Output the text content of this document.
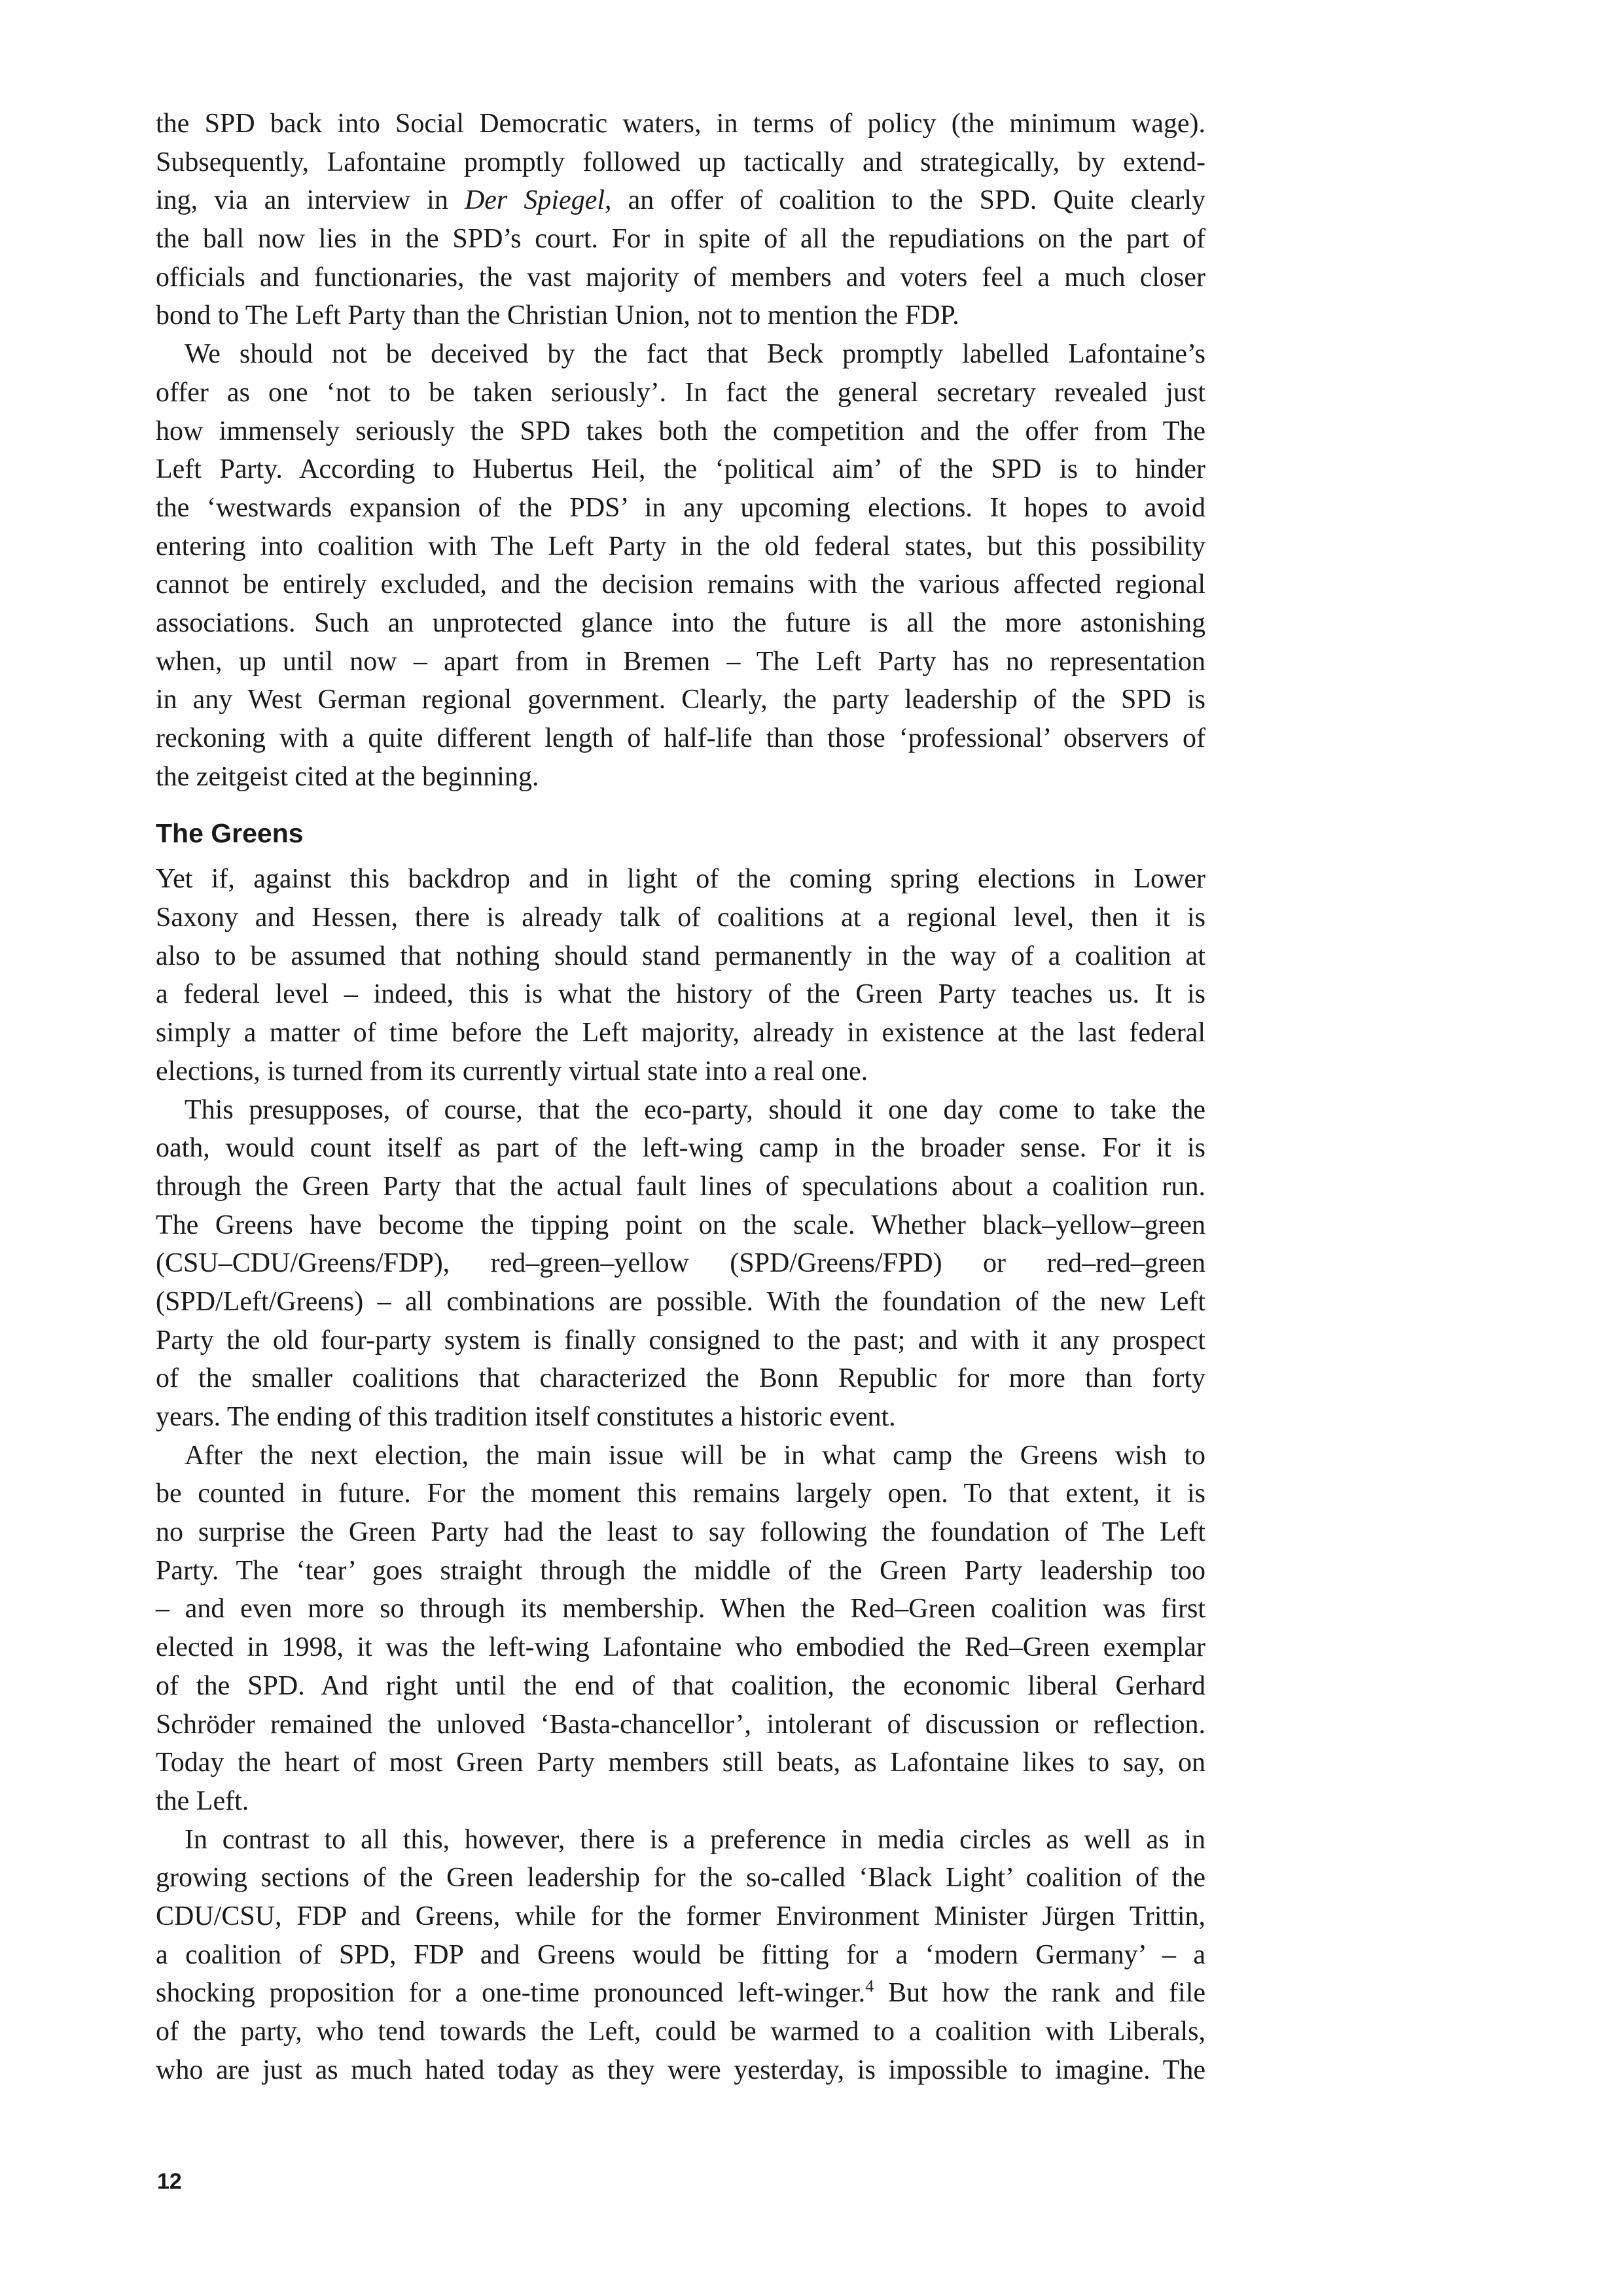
the SPD back into Social Democratic waters, in terms of policy (the minimum wage).
Subsequently, Lafontaine promptly followed up tactically and strategically, by extend-
ing, via an interview in Der Spiegel, an offer of coalition to the SPD. Quite clearly
the ball now lies in the SPD’s court. For in spite of all the repudiations on the part of
officials and functionaries, the vast majority of members and voters feel a much closer
bond to The Left Party than the Christian Union, not to mention the FDP.
We should not be deceived by the fact that Beck promptly labelled Lafontaine’s
offer as one ‘not to be taken seriously’. In fact the general secretary revealed just
how immensely seriously the SPD takes both the competition and the offer from The
Left Party. According to Hubertus Heil, the ‘political aim’ of the SPD is to hinder
the ‘westwards expansion of the PDS’ in any upcoming elections. It hopes to avoid
entering into coalition with The Left Party in the old federal states, but this possibility
cannot be entirely excluded, and the decision remains with the various affected regional
associations. Such an unprotected glance into the future is all the more astonishing
when, up until now – apart from in Bremen – The Left Party has no representation
in any West German regional government. Clearly, the party leadership of the SPD is
reckoning with a quite different length of half-life than those ‘professional’ observers of
the zeitgeist cited at the beginning.
The Greens
Yet if, against this backdrop and in light of the coming spring elections in Lower
Saxony and Hessen, there is already talk of coalitions at a regional level, then it is
also to be assumed that nothing should stand permanently in the way of a coalition at
a federal level – indeed, this is what the history of the Green Party teaches us. It is
simply a matter of time before the Left majority, already in existence at the last federal
elections, is turned from its currently virtual state into a real one.
This presupposes, of course, that the eco-party, should it one day come to take the
oath, would count itself as part of the left-wing camp in the broader sense. For it is
through the Green Party that the actual fault lines of speculations about a coalition run.
The Greens have become the tipping point on the scale. Whether black–yellow–green
(CSU–CDU/Greens/FDP), red–green–yellow (SPD/Greens/FPD) or red–red–green
(SPD/Left/Greens) – all combinations are possible. With the foundation of the new Left
Party the old four-party system is finally consigned to the past; and with it any prospect
of the smaller coalitions that characterized the Bonn Republic for more than forty
years. The ending of this tradition itself constitutes a historic event.
After the next election, the main issue will be in what camp the Greens wish to
be counted in future. For the moment this remains largely open. To that extent, it is
no surprise the Green Party had the least to say following the foundation of The Left
Party. The ‘tear’ goes straight through the middle of the Green Party leadership too
– and even more so through its membership. When the Red–Green coalition was first
elected in 1998, it was the left-wing Lafontaine who embodied the Red–Green exemplar
of the SPD. And right until the end of that coalition, the economic liberal Gerhard
Schröder remained the unloved ‘Basta-chancellor’, intolerant of discussion or reflection.
Today the heart of most Green Party members still beats, as Lafontaine likes to say, on
the Left.
In contrast to all this, however, there is a preference in media circles as well as in
growing sections of the Green leadership for the so-called ‘Black Light’ coalition of the
CDU/CSU, FDP and Greens, while for the former Environment Minister Jürgen Trittin,
a coalition of SPD, FDP and Greens would be fitting for a ‘modern Germany’ – a
shocking proposition for a one-time pronounced left-winger.$^4$ But how the rank and file
of the party, who tend towards the Left, could be warmed to a coalition with Liberals,
who are just as much hated today as they were yesterday, is impossible to imagine. The
12
